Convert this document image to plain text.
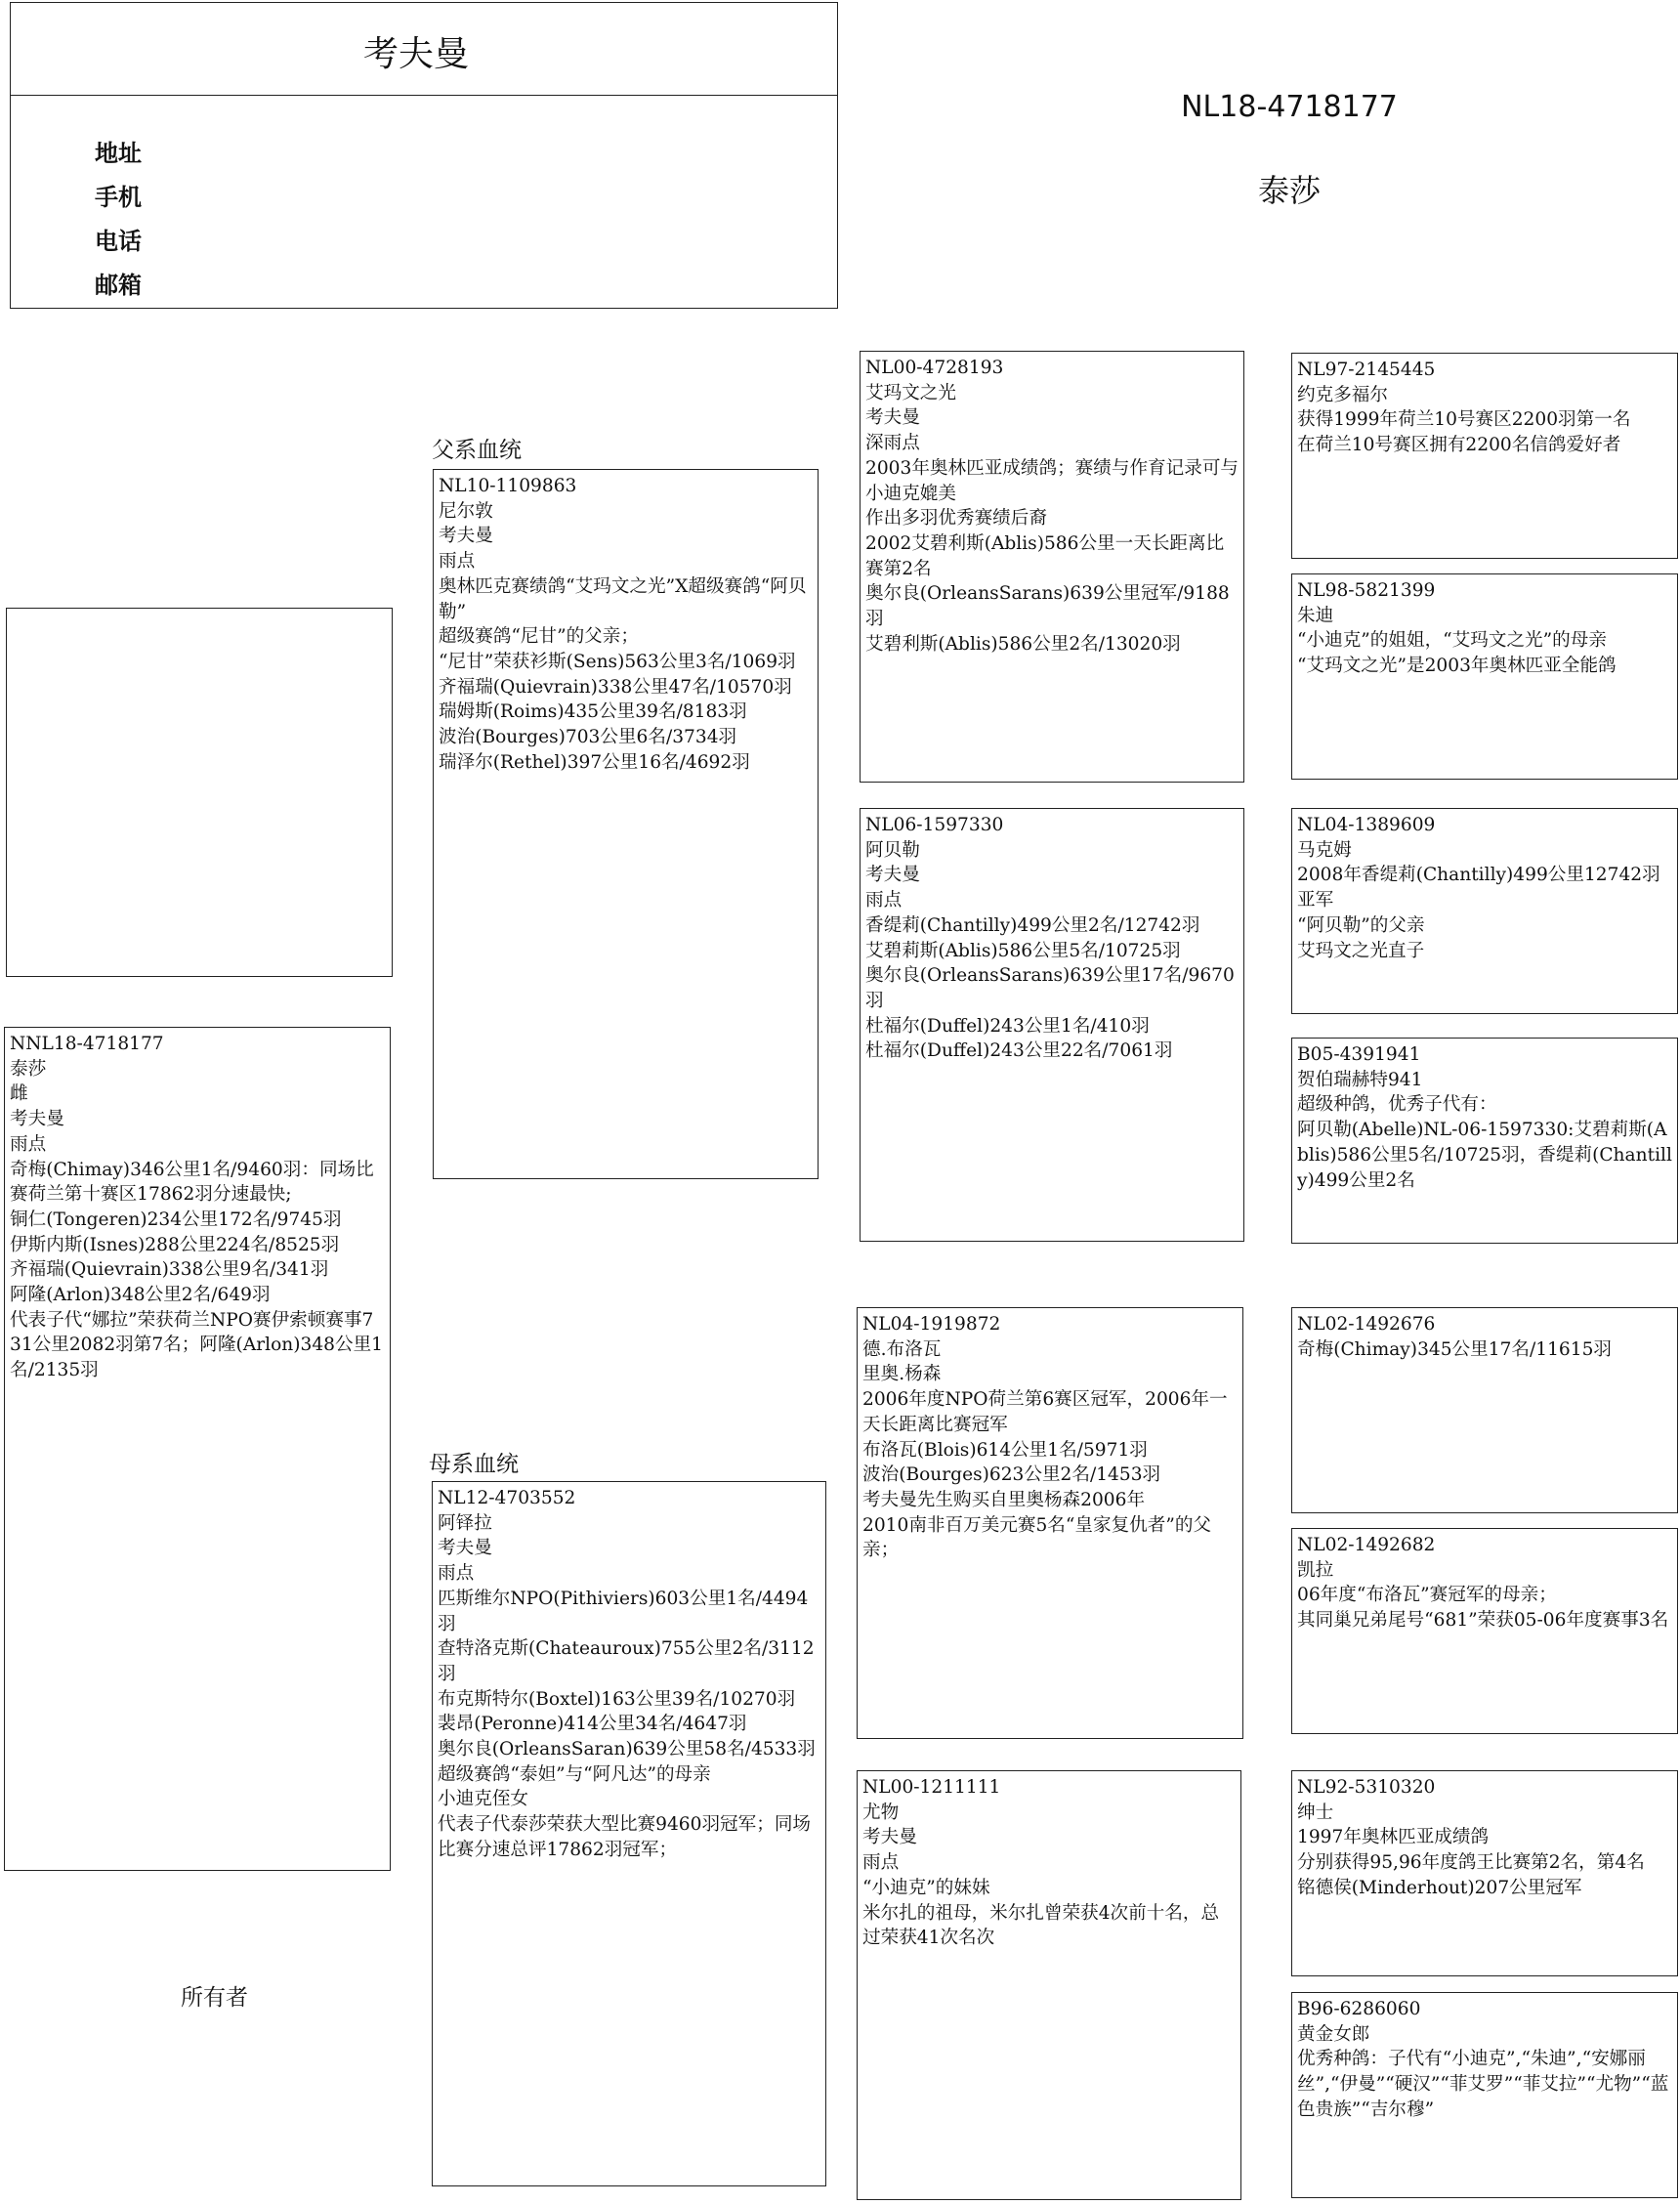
考夫曼
地址
手机
电话
邮箱
NL18-4718177
泰莎
父系血统
母系血统
NNL18-4718177
泰莎
雌
考夫曼
雨点
奇梅(Chimay)346公里1名/9460羽：同场比赛荷兰第十赛区17862羽分速最快;
铜仁(Tongeren)234公里172名/9745羽
伊斯内斯(Isnes)288公里224名/8525羽
齐福瑞(Quievrain)338公里9名/341羽
阿隆(Arlon)348公里2名/649羽
代表子代“娜拉”荣获荷兰NPO赛伊索顿赛事731公里2082羽第7名；阿隆(Arlon)348公里1名/2135羽
NL10-1109863
尼尔敦
考夫曼
雨点
奥林匹克赛绩鸽“艾玛文之光”X超级赛鸽“阿贝勒”
超级赛鸽“尼甘”的父亲；
“尼甘”荣获衫斯(Sens)563公里3名/1069羽
齐福瑞(Quievrain)338公里47名/10570羽
瑞姆斯(Roims)435公里39名/8183羽
波治(Bourges)703公里6名/3734羽
瑞泽尔(Rethel)397公里16名/4692羽
NL12-4703552
阿铎拉
考夫曼
雨点
匹斯维尔NPO(Pithiviers)603公里1名/4494羽
查特洛克斯(Chateauroux)755公里2名/3112羽
布克斯特尔(Boxtel)163公里39名/10270羽
裴昂(Peronne)414公里34名/4647羽
奥尔良(OrleansSaran)639公里58名/4533羽
超级赛鸽“泰妲”与“阿凡达”的母亲
小迪克侄女
代表子代泰莎荣获大型比赛9460羽冠军；同场比赛分速总评17862羽冠军；
NL00-4728193
艾玛文之光
考夫曼
深雨点
2003年奥林匹亚成绩鸽；赛绩与作育记录可与小迪克媲美
作出多羽优秀赛绩后裔
2002艾碧利斯(Ablis)586公里一天长距离比赛第2名
奥尔良(OrleansSarans)639公里冠军/9188羽
艾碧利斯(Ablis)586公里2名/13020羽
NL06-1597330
阿贝勒
考夫曼
雨点
香缇莉(Chantilly)499公里2名/12742羽
艾碧莉斯(Ablis)586公里5名/10725羽
奥尔良(OrleansSarans)639公里17名/9670羽
杜福尔(Duffel)243公里1名/410羽
杜福尔(Duffel)243公里22名/7061羽
NL04-1919872
德.布洛瓦
里奥.杨森
2006年度NPO荷兰第6赛区冠军，2006年一天长距离比赛冠军
布洛瓦(Blois)614公里1名/5971羽
波治(Bourges)623公里2名/1453羽
考夫曼先生购买自里奥杨森2006年
2010南非百万美元赛5名“皇家复仇者”的父亲；
NL00-1211111
尤物
考夫曼
雨点
“小迪克”的妹妹
米尔扎的祖母，米尔扎曾荣获4次前十名，总过荣获41次名次
NL97-2145445
约克多福尔
获得1999年荷兰10号赛区2200羽第一名
在荷兰10号赛区拥有2200名信鸽爱好者
NL98-5821399
朱迪
“小迪克”的姐姐，“艾玛文之光”的母亲
“艾玛文之光”是2003年奥林匹亚全能鸽
NL04-1389609
马克姆
2008年香缇莉(Chantilly)499公里12742羽亚军
“阿贝勒”的父亲
艾玛文之光直子
B05-4391941
贺伯瑞赫特941
超级种鸽，优秀子代有：
阿贝勒(Abelle)NL-06-1597330:艾碧莉斯(Ablis)586公里5名/10725羽，香缇莉(Chantilly)499公里2名
NL02-1492676
奇梅(Chimay)345公里17名/11615羽
NL02-1492682
凯拉
06年度“布洛瓦”赛冠军的母亲；
其同巢兄弟尾号“681”荣获05-06年度赛事3名
NL92-5310320
绅士
1997年奥林匹亚成绩鸽
分别获得95,96年度鸽王比赛第2名，第4名
铭德侯(Minderhout)207公里冠军
B96-6286060
黄金女郎
优秀种鸽：子代有“小迪克”,“朱迪”,“安娜丽丝”,“伊曼”“硬汉”“菲艾罗”“菲艾拉”“尤物”“蓝色贵族”“吉尔穆”
所有者
